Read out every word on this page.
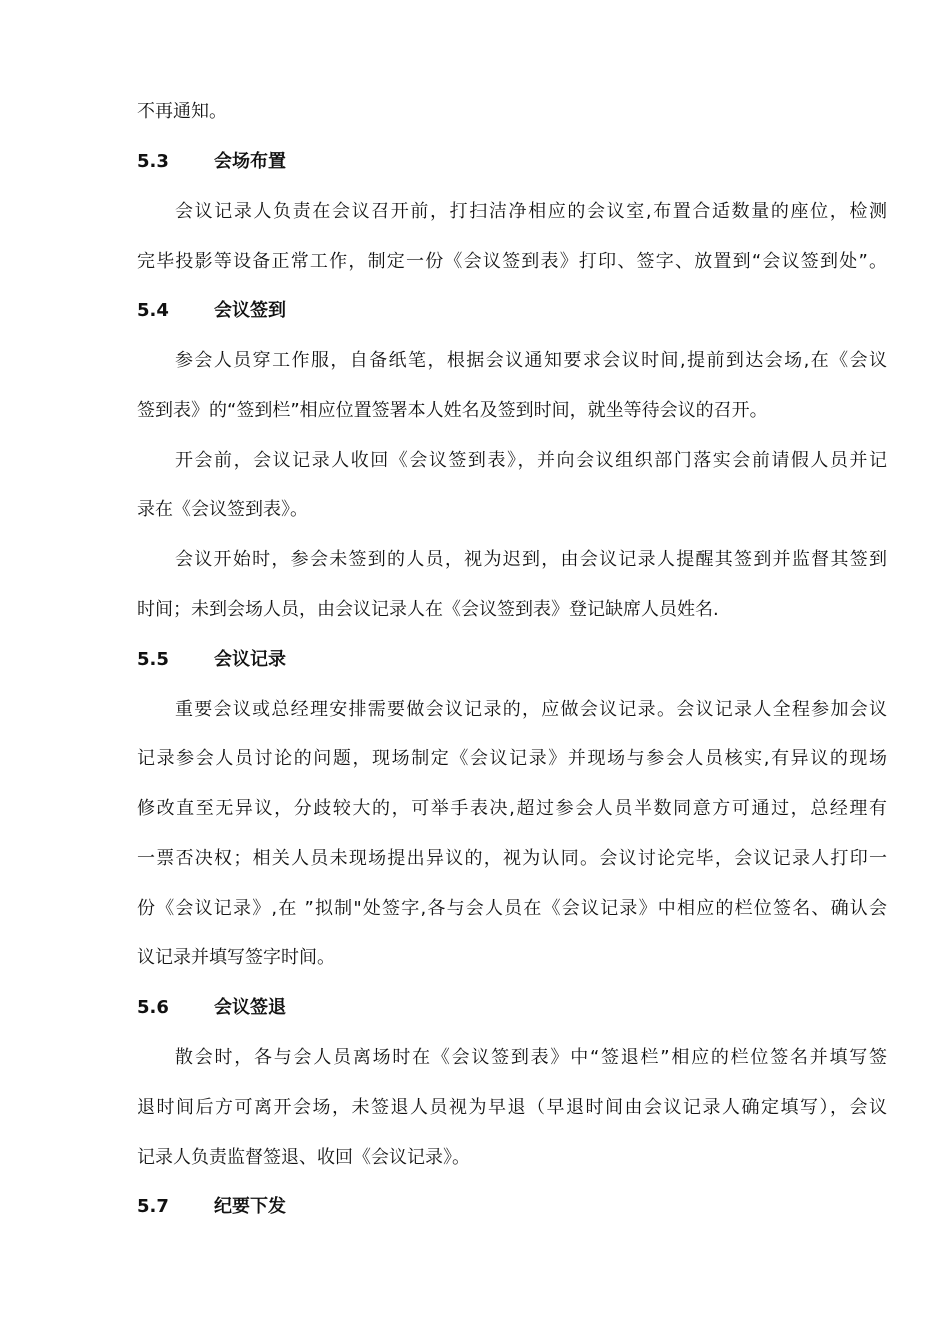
不再通知。
5.3	会场布置
会议记录人负责在会议召开前，打扫洁净相应的会议室,布置合适数量的座位，检测
完毕投影等设备正常工作，制定一份《会议签到表》打印、签字、放置到“会议签到处”。
5.4	会议签到
参会人员穿工作服，自备纸笔，根据会议通知要求会议时间,提前到达会场,在《会议
签到表》的“签到栏”相应位置签署本人姓名及签到时间，就坐等待会议的召开。
开会前，会议记录人收回《会议签到表》，并向会议组织部门落实会前请假人员并记
录在《会议签到表》。
会议开始时，参会未签到的人员，视为迟到，由会议记录人提醒其签到并监督其签到
时间；未到会场人员，由会议记录人在《会议签到表》登记缺席人员姓名.
5.5	会议记录
重要会议或总经理安排需要做会议记录的，应做会议记录。会议记录人全程参加会议
记录参会人员讨论的问题，现场制定《会议记录》并现场与参会人员核实,有异议的现场
修改直至无异议，分歧较大的，可举手表决,超过参会人员半数同意方可通过，总经理有
一票否决权；相关人员未现场提出异议的，视为认同。会议讨论完毕，会议记录人打印一
份《会议记录》,在 ”拟制"处签字,各与会人员在《会议记录》中相应的栏位签名、确认会
议记录并填写签字时间。
5.6	会议签退
散会时，各与会人员离场时在《会议签到表》中“签退栏”相应的栏位签名并填写签
退时间后方可离开会场，未签退人员视为早退（早退时间由会议记录人确定填写），会议
记录人负责监督签退、收回《会议记录》。
5.7	纪要下发
